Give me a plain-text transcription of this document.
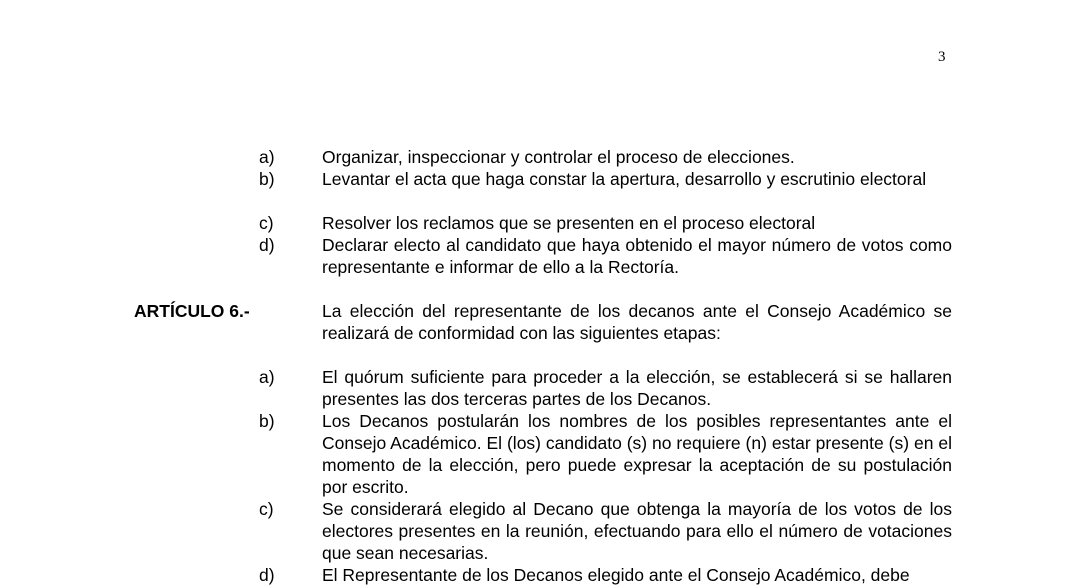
3
a)	Organizar, inspeccionar y controlar el proceso de elecciones.
b)	Levantar el acta que haga constar la apertura, desarrollo y escrutinio electoral
c)	Resolver los reclamos que se presenten en el proceso electoral
d)	Declarar electo al candidato que haya obtenido el mayor número de votos como representante e informar de ello a la Rectoría.
ARTÍCULO 6.-	La elección del representante de los decanos ante el Consejo Académico se realizará de conformidad con las siguientes etapas:
a)	El quórum suficiente para proceder a la elección, se establecerá si se hallaren presentes las dos terceras partes de los Decanos.
b)	Los Decanos postularán los nombres de los posibles representantes ante el Consejo Académico. El (los) candidato (s) no requiere (n) estar presente (s) en el momento de la elección, pero puede expresar la aceptación de su postulación por escrito.
c)	Se considerará elegido al Decano que obtenga la mayoría de los votos de los electores presentes en la reunión, efectuando para ello el número de votaciones que sean necesarias.
d)	El Representante de los Decanos elegido ante el Consejo Académico, debe
